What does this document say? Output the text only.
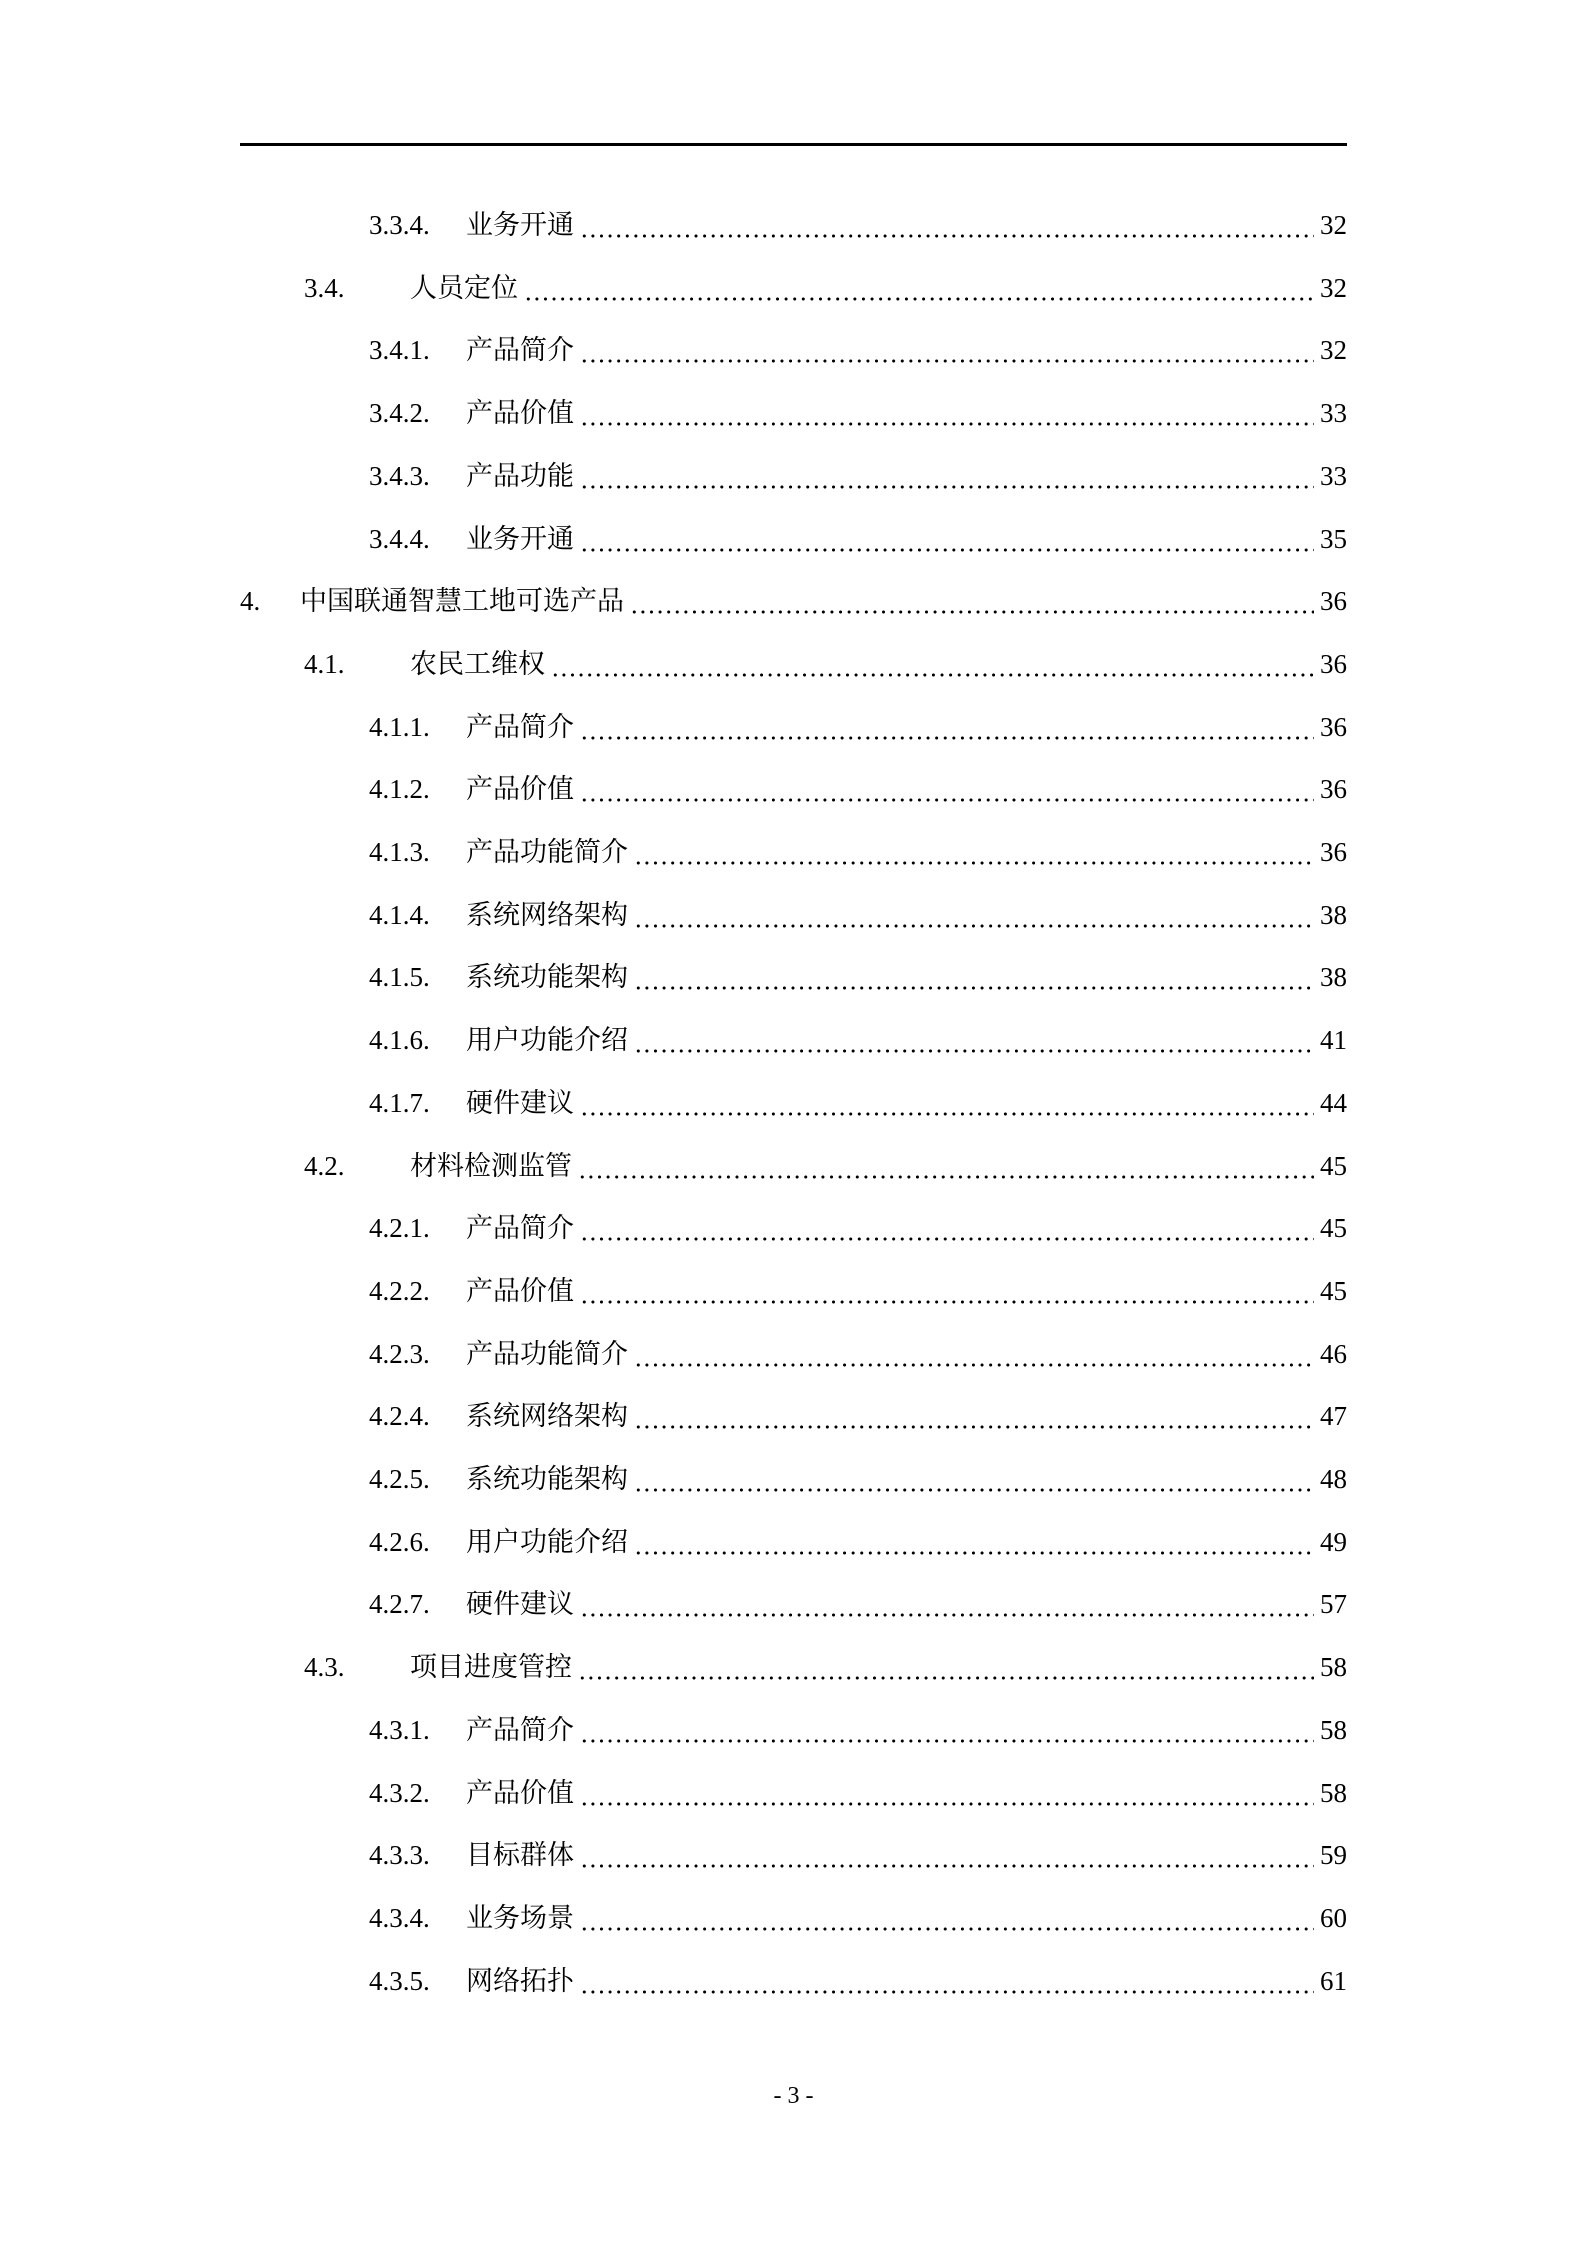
3.3.4. 业务开通	32
3.4. 人员定位	32
3.4.1. 产品简介	32
3.4.2. 产品价值	33
3.4.3. 产品功能	33
3.4.4. 业务开通	35
4. 中国联通智慧工地可选产品	36
4.1. 农民工维权	36
4.1.1. 产品简介	36
4.1.2. 产品价值	36
4.1.3. 产品功能简介	36
4.1.4. 系统网络架构	38
4.1.5. 系统功能架构	38
4.1.6. 用户功能介绍	41
4.1.7. 硬件建议	44
4.2. 材料检测监管	45
4.2.1. 产品简介	45
4.2.2. 产品价值	45
4.2.3. 产品功能简介	46
4.2.4. 系统网络架构	47
4.2.5. 系统功能架构	48
4.2.6. 用户功能介绍	49
4.2.7. 硬件建议	57
4.3. 项目进度管控	58
4.3.1. 产品简介	58
4.3.2. 产品价值	58
4.3.3. 目标群体	59
4.3.4. 业务场景	60
4.3.5. 网络拓扑	61
- 3 -
